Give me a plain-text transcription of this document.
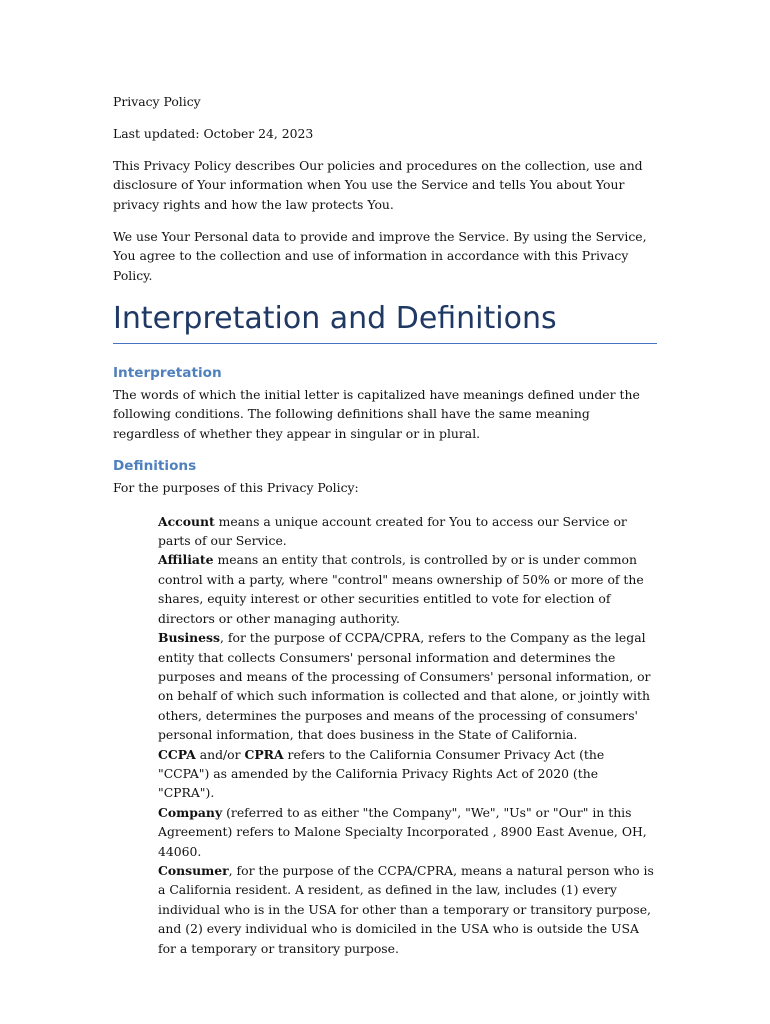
Privacy Policy

Last updated: October 24, 2023

This Privacy Policy describes Our policies and procedures on the collection, use and disclosure of Your information when You use the Service and tells You about Your privacy rights and how the law protects You.

We use Your Personal data to provide and improve the Service. By using the Service, You agree to the collection and use of information in accordance with this Privacy Policy.

Interpretation and Definitions
Interpretation

The words of which the initial letter is capitalized have meanings defined under the following conditions. The following definitions shall have the same meaning regardless of whether they appear in singular or in plural.

Definitions

For the purposes of this Privacy Policy:

Account means a unique account created for You to access our Service or parts of our Service.

Affiliate means an entity that controls, is controlled by or is under common control with a party, where "control" means ownership of 50% or more of the shares, equity interest or other securities entitled to vote for election of directors or other managing authority.

Business, for the purpose of CCPA/CPRA, refers to the Company as the legal entity that collects Consumers' personal information and determines the purposes and means of the processing of Consumers' personal information, or on behalf of which such information is collected and that alone, or jointly with others, determines the purposes and means of the processing of consumers' personal information, that does business in the State of California.

CCPA and/or CPRA refers to the California Consumer Privacy Act (the "CCPA") as amended by the California Privacy Rights Act of 2020 (the "CPRA").

Company (referred to as either "the Company", "We", "Us" or "Our" in this Agreement) refers to Malone Specialty Incorporated , 8900 East Avenue, OH, 44060.

Consumer, for the purpose of the CCPA/CPRA, means a natural person who is a California resident. A resident, as defined in the law, includes (1) every individual who is in the USA for other than a temporary or transitory purpose, and (2) every individual who is domiciled in the USA who is outside the USA for a temporary or transitory purpose.
